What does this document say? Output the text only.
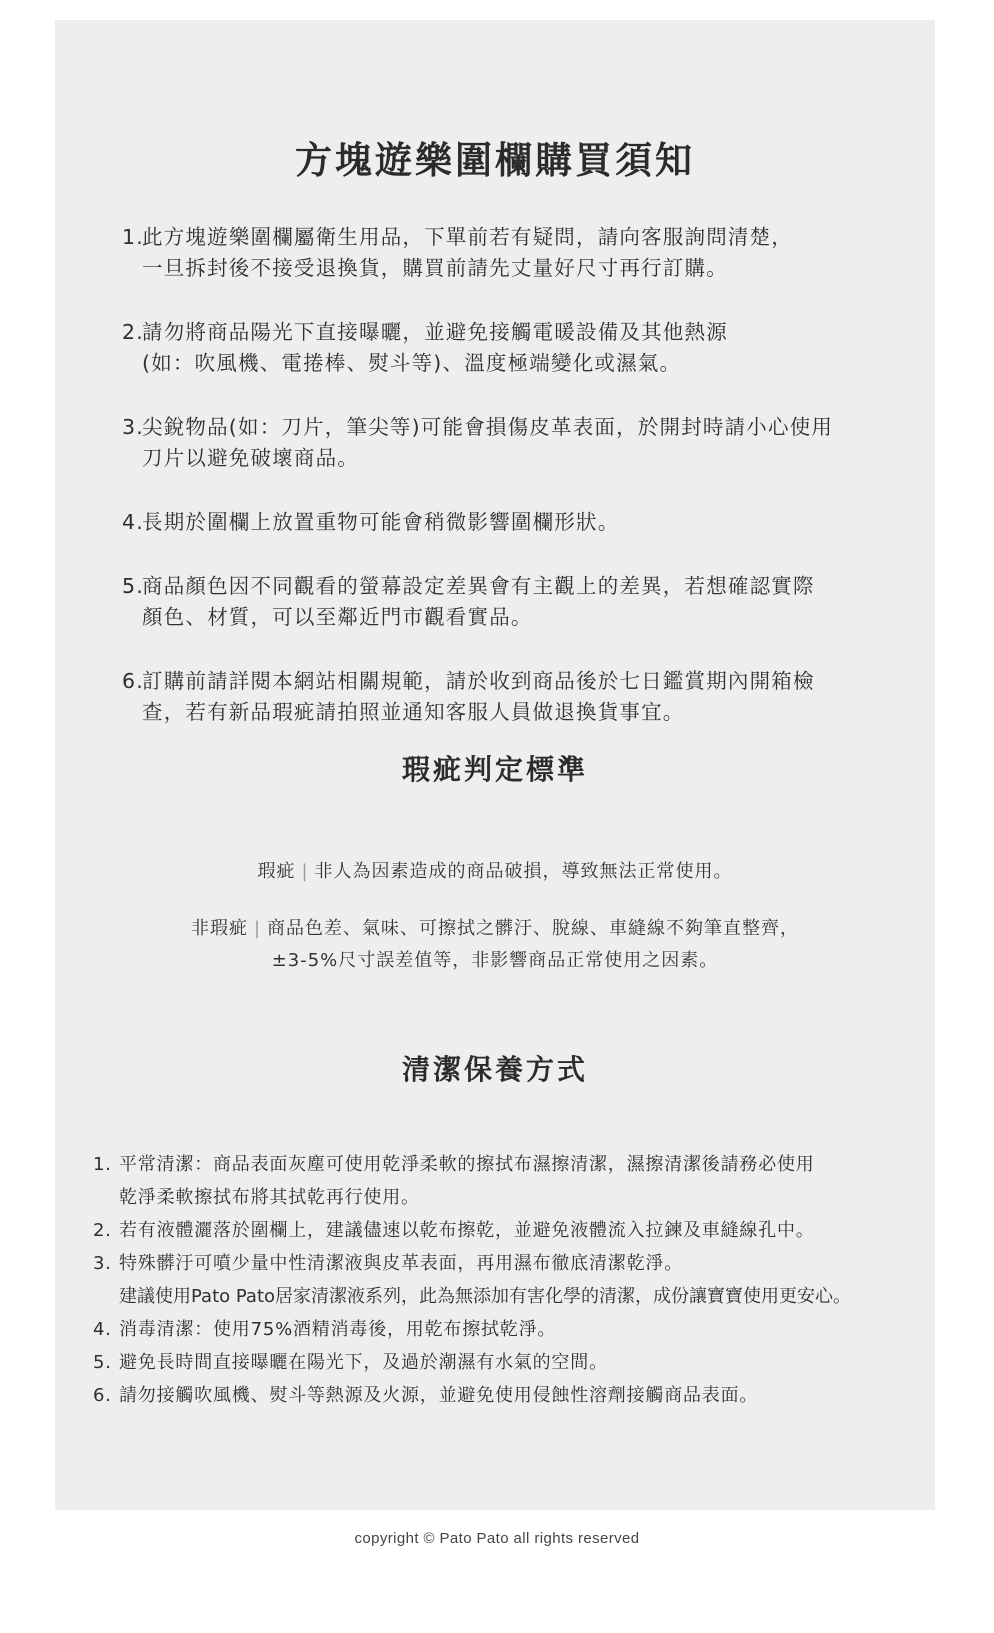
方塊遊樂圍欄購買須知
1.
此方塊遊樂圍欄屬衛生用品，下單前若有疑問，請向客服詢問清楚，
一旦拆封後不接受退換貨，購買前請先丈量好尺寸再行訂購。
2.
請勿將商品陽光下直接曝曬，並避免接觸電暖設備及其他熱源
(如：吹風機、電捲棒、熨斗等)、溫度極端變化或濕氣。
3.
尖銳物品(如：刀片，筆尖等)可能會損傷皮革表面，於開封時請小心使用
刀片以避免破壞商品。
4.
長期於圍欄上放置重物可能會稍微影響圍欄形狀。
5.
商品顏色因不同觀看的螢幕設定差異會有主觀上的差異，若想確認實際
顏色、材質，可以至鄰近門市觀看實品。
6.
訂購前請詳閱本網站相關規範，請於收到商品後於七日鑑賞期內開箱檢
查，若有新品瑕疵請拍照並通知客服人員做退換貨事宜。
瑕疵判定標準
瑕疵 | 非人為因素造成的商品破損，導致無法正常使用。
非瑕疵 | 商品色差、氣味、可擦拭之髒汙、脫線、車縫線不夠筆直整齊，
±3-5%尺寸誤差值等，非影響商品正常使用之因素。
清潔保養方式
1. 平常清潔：商品表面灰塵可使用乾淨柔軟的擦拭布濕擦清潔，濕擦清潔後請務必使用
乾淨柔軟擦拭布將其拭乾再行使用。
2. 若有液體灑落於圍欄上，建議儘速以乾布擦乾，並避免液體流入拉鍊及車縫線孔中。
3. 特殊髒汙可噴少量中性清潔液與皮革表面，再用濕布徹底清潔乾淨。
建議使用Pato Pato居家清潔液系列，此為無添加有害化學的清潔，成份讓寶寶使用更安心。
4. 消毒清潔：使用75%酒精消毒後，用乾布擦拭乾淨。
5. 避免長時間直接曝曬在陽光下，及過於潮濕有水氣的空間。
6. 請勿接觸吹風機、熨斗等熱源及火源，並避免使用侵蝕性溶劑接觸商品表面。
copyright © Pato Pato all rights reserved
